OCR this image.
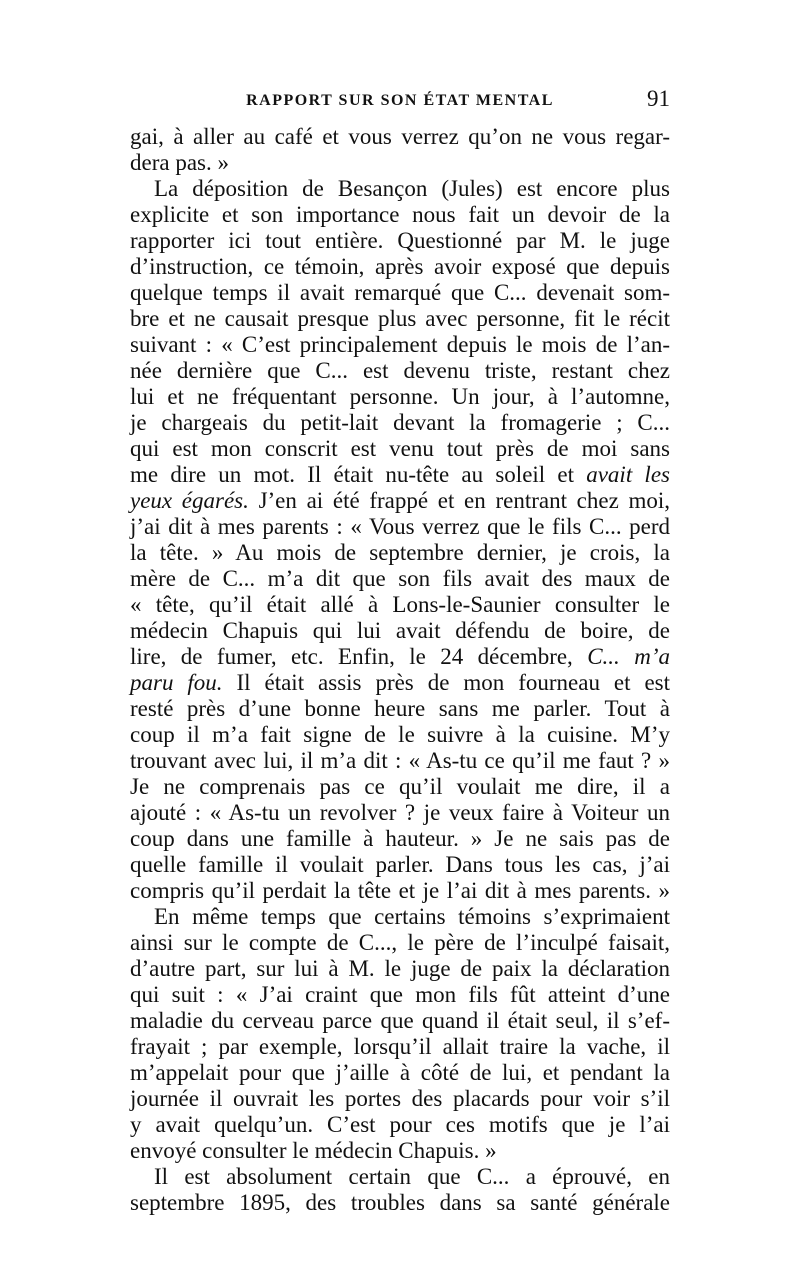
RAPPORT SUR SON ÉTAT MENTAL	91
gai, à aller au café et vous verrez qu’on ne vous regar-
dera pas. »
La déposition de Besançon (Jules) est encore plus
explicite et son importance nous fait un devoir de la
rapporter ici tout entière. Questionné par M. le juge
d’instruction, ce témoin, après avoir exposé que depuis
quelque temps il avait remarqué que C... devenait som-
bre et ne causait presque plus avec personne, fit le récit
suivant : « C’est principalement depuis le mois de l’an-
née dernière que C... est devenu triste, restant chez
lui et ne fréquentant personne. Un jour, à l’automne,
je chargeais du petit-lait devant la fromagerie ; C...
qui est mon conscrit est venu tout près de moi sans
me dire un mot. Il était nu-tête au soleil et avait les
yeux égarés. J’en ai été frappé et en rentrant chez moi,
j’ai dit à mes parents : « Vous verrez que le fils C... perd
la tête. » Au mois de septembre dernier, je crois, la
mère de C... m’a dit que son fils avait des maux de
« tête, qu’il était allé à Lons-le-Saunier consulter le
médecin Chapuis qui lui avait défendu de boire, de
lire, de fumer, etc. Enfin, le 24 décembre, C... m’a
paru fou. Il était assis près de mon fourneau et est
resté près d’une bonne heure sans me parler. Tout à
coup il m’a fait signe de le suivre à la cuisine. M’y
trouvant avec lui, il m’a dit : « As-tu ce qu’il me faut ? »
Je ne comprenais pas ce qu’il voulait me dire, il a
ajouté : « As-tu un revolver ? je veux faire à Voiteur un
coup dans une famille à hauteur. » Je ne sais pas de
quelle famille il voulait parler. Dans tous les cas, j’ai
compris qu’il perdait la tête et je l’ai dit à mes parents. »
En même temps que certains témoins s’exprimaient
ainsi sur le compte de C..., le père de l’inculpé faisait,
d’autre part, sur lui à M. le juge de paix la déclaration
qui suit : « J’ai craint que mon fils fût atteint d’une
maladie du cerveau parce que quand il était seul, il s’ef-
frayait ; par exemple, lorsqu’il allait traire la vache, il
m’appelait pour que j’aille à côté de lui, et pendant la
journée il ouvrait les portes des placards pour voir s’il
y avait quelqu’un. C’est pour ces motifs que je l’ai
envoyé consulter le médecin Chapuis. »
Il est absolument certain que C... a éprouvé, en
septembre 1895, des troubles dans sa santé générale
